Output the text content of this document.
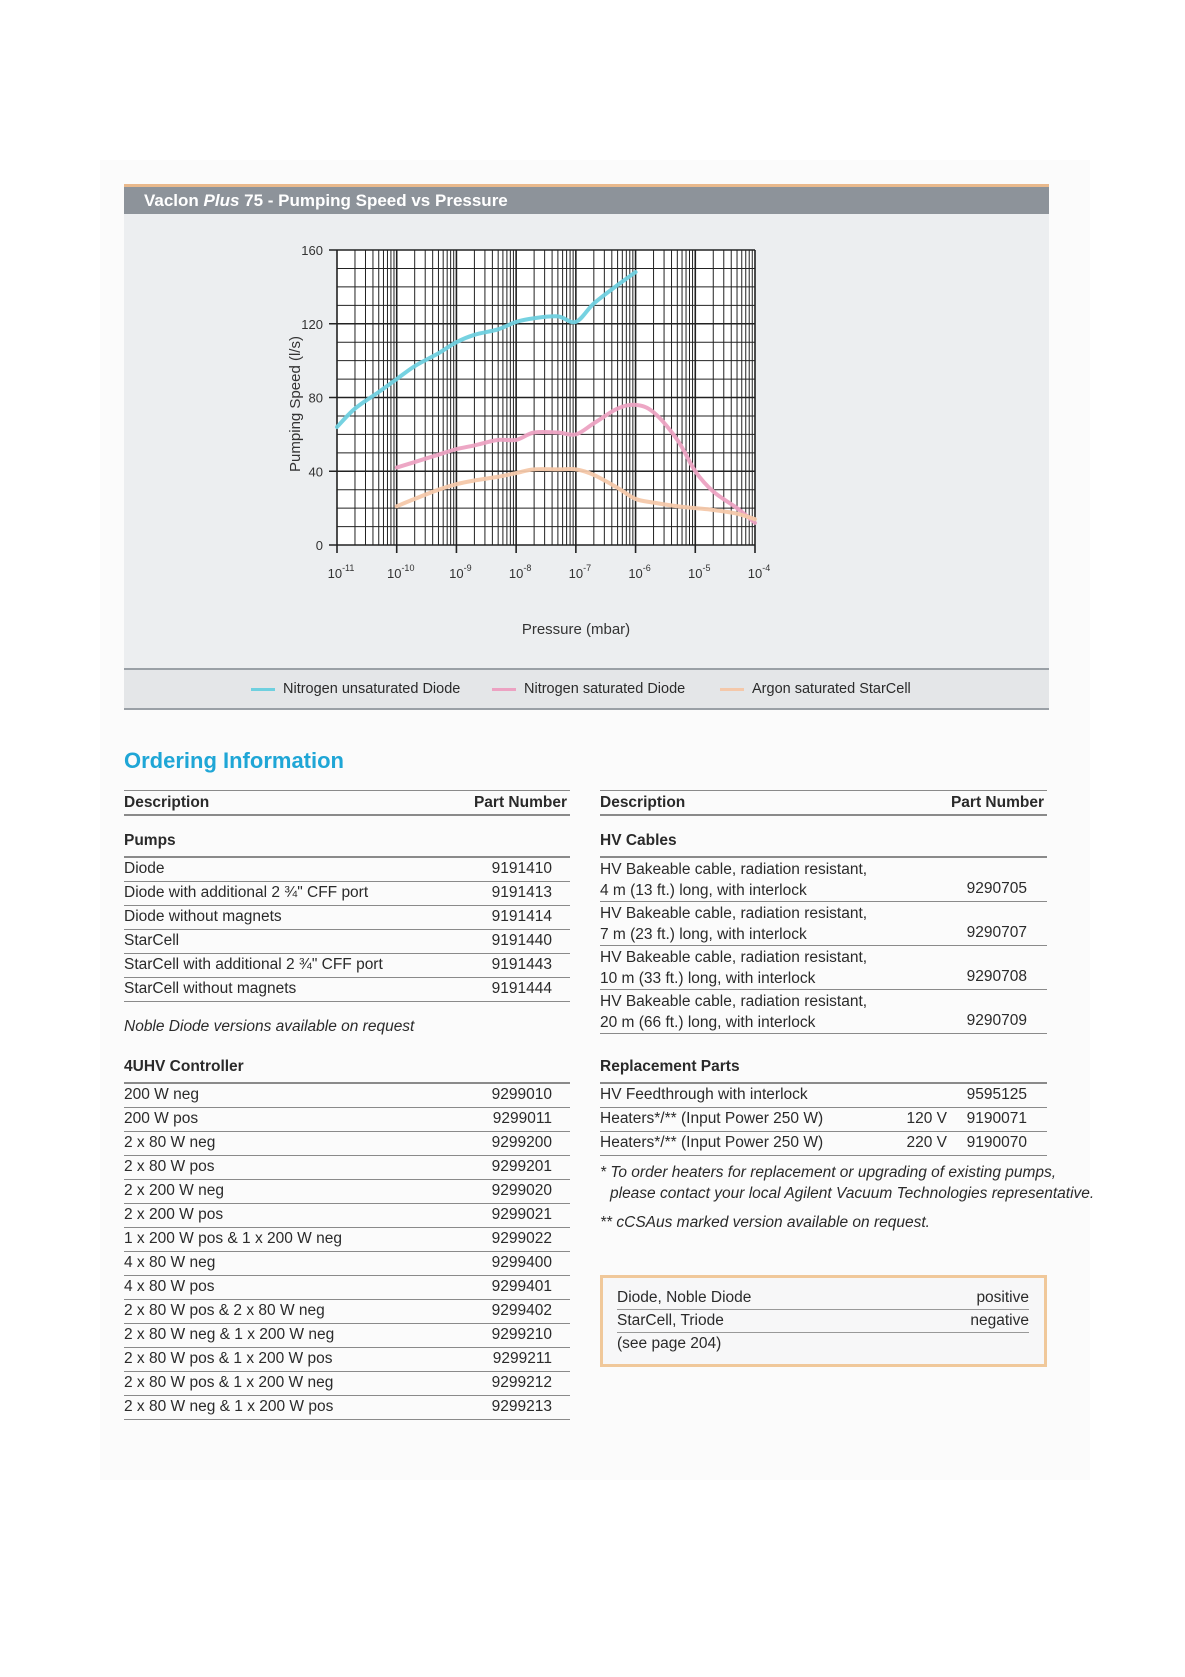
Vaclon Plus 75 - Pumping Speed vs Pressure
0
40
80
120
160
$10^{-11}$	$10^{-10}$	$10^{-9}$	$10^{-8}$	$10^{-7}$	$10^{-6}$	$10^{-5}$	$10^{-4}$
Pressure (mbar)
Pumping Speed (l/s)
Nitrogen unsaturated Diode	Nitrogen saturated Diode	Argon saturated StarCell
Ordering Information
Description	Part Number
Pumps
Diode	9191410
Diode with additional 2 ¾" CFF port	9191413
Diode without magnets	9191414
StarCell	9191440
StarCell with additional 2 ¾" CFF port	9191443
StarCell without magnets	9191444
Noble Diode versions available on request
4UHV Controller
200 W neg	9299010
200 W pos	9299011
2 x 80 W neg	9299200
2 x 80 W pos	9299201
2 x 200 W neg	9299020
2 x 200 W pos	9299021
1 x 200 W pos & 1 x 200 W neg	9299022
4 x 80 W neg	9299400
4 x 80 W pos	9299401
2 x 80 W pos & 2 x 80 W neg	9299402
2 x 80 W neg & 1 x 200 W neg	9299210
2 x 80 W pos & 1 x 200 W pos	9299211
2 x 80 W pos & 1 x 200 W neg	9299212
2 x 80 W neg & 1 x 200 W pos	9299213
Description	Part Number
HV Cables
HV Bakeable cable, radiation resistant,
4 m (13 ft.) long, with interlock	9290705
HV Bakeable cable, radiation resistant,
7 m (23 ft.) long, with interlock	9290707
HV Bakeable cable, radiation resistant,
10 m (33 ft.) long, with interlock	9290708
HV Bakeable cable, radiation resistant,
20 m (66 ft.) long, with interlock	9290709
Replacement Parts
HV Feedthrough with interlock	9595125
Heaters*/** (Input Power 250 W)	120 V 9190071
Heaters*/** (Input Power 250 W)	220 V 9190070
* To order heaters for replacement or upgrading of existing pumps,
please contact your local Agilent Vacuum Technologies representative.
** cCSAus marked version available on request.
Diode, Noble Diode	positive
StarCell, Triode	negative
(see page 204)
